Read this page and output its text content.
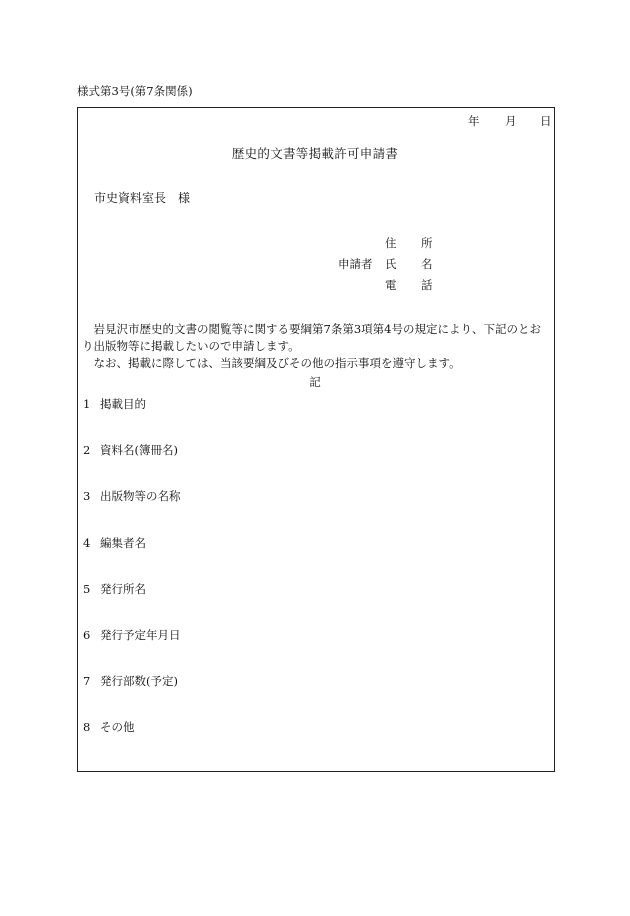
様式第3号(第7条関係)
年 月 日
歴史的文書等掲載許可申請書
市史資料室長　様
申請者
住 所
氏 名
電 話
岩見沢市歴史的文書の閲覧等に関する要綱第7条第3項第4号の規定により、下記のとおり出版物等に掲載したいので申請します。
なお、掲載に際しては、当該要綱及びその他の指示事項を遵守します。
記
1 掲載目的
2 資料名(簿冊名)
3 出版物等の名称
4 編集者名
5 発行所名
6 発行予定年月日
7 発行部数(予定)
8 その他
